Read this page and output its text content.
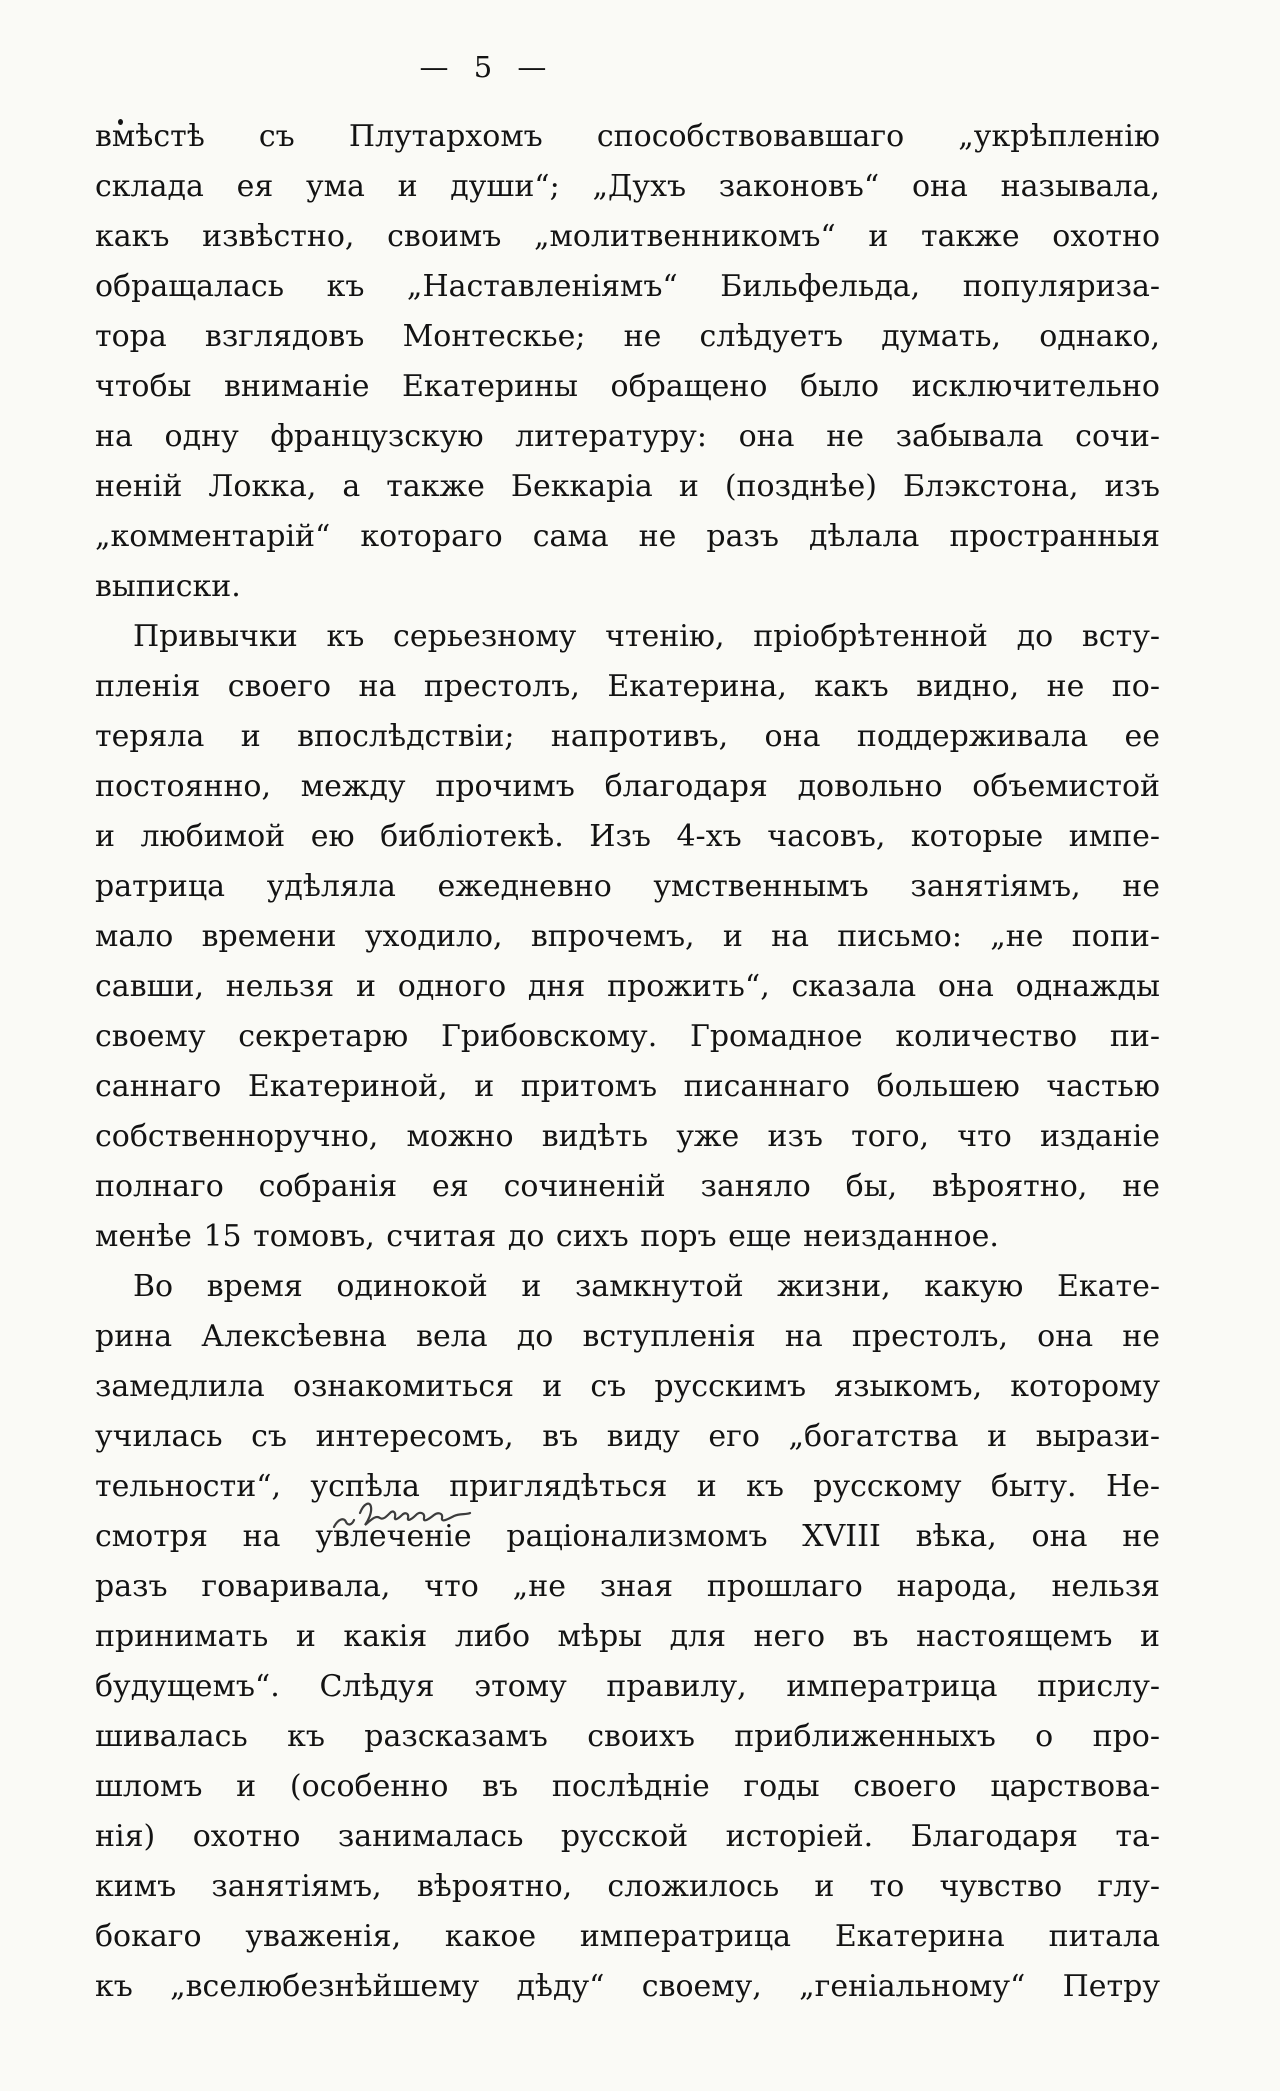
— 5 —
вмѣстѣ съ Плутархомъ способствовавшаго „укрѣпленію
склада ея ума и души“; „Духъ законовъ“ она называла,
какъ извѣстно, своимъ „молитвенникомъ“ и также охотно
обращалась къ „Наставленіямъ“ Бильфельда, популяриза-
тора взглядовъ Монтескье; не слѣдуетъ думать, однако,
чтобы вниманіе Екатерины обращено было исключительно
на одну французскую литературу: она не забывала сочи-
неній Локка, а также Беккаріа и (позднѣе) Блэкстона, изъ
„комментарій“ котораго сама не разъ дѣлала пространныя
выписки.
Привычки къ серьезному чтенію, пріобрѣтенной до всту-
пленія своего на престолъ, Екатерина, какъ видно, не по-
теряла и впослѣдствіи; напротивъ, она поддерживала ее
постоянно, между прочимъ благодаря довольно объемистой
и любимой ею библіотекѣ. Изъ 4-хъ часовъ, которые импе-
ратрица удѣляла ежедневно умственнымъ занятіямъ, не
мало времени уходило, впрочемъ, и на письмо: „не попи-
савши, нельзя и одного дня прожить“, сказала она однажды
своему секретарю Грибовскому. Громадное количество пи-
саннаго Екатериной, и притомъ писаннаго большею частью
собственноручно, можно видѣть уже изъ того, что изданіе
полнаго собранія ея сочиненій заняло бы, вѣроятно, не
менѣе 15 томовъ, считая до сихъ поръ еще неизданное.
Во время одинокой и замкнутой жизни, какую Екате-
рина Алексѣевна вела до вступленія на престолъ, она не
замедлила ознакомиться и съ русскимъ языкомъ, которому
училась съ интересомъ, въ виду его „богатства и вырази-
тельности“, успѣла приглядѣться и къ русскому быту. Не-
смотря на увлеченіе раціонализмомъ XVIII вѣка, она не
разъ говаривала, что „не зная прошлаго народа, нельзя
принимать и какія либо мѣры для него въ настоящемъ и
будущемъ“. Слѣдуя этому правилу, императрица прислу-
шивалась къ разсказамъ своихъ приближенныхъ о про-
шломъ и (особенно въ послѣдніе годы своего царствова-
нія) охотно занималась русской исторіей. Благодаря та-
кимъ занятіямъ, вѣроятно, сложилось и то чувство глу-
бокаго уваженія, какое императрица Екатерина питала
къ „вселюбезнѣйшему дѣду“ своему, „геніальному“ Петру
